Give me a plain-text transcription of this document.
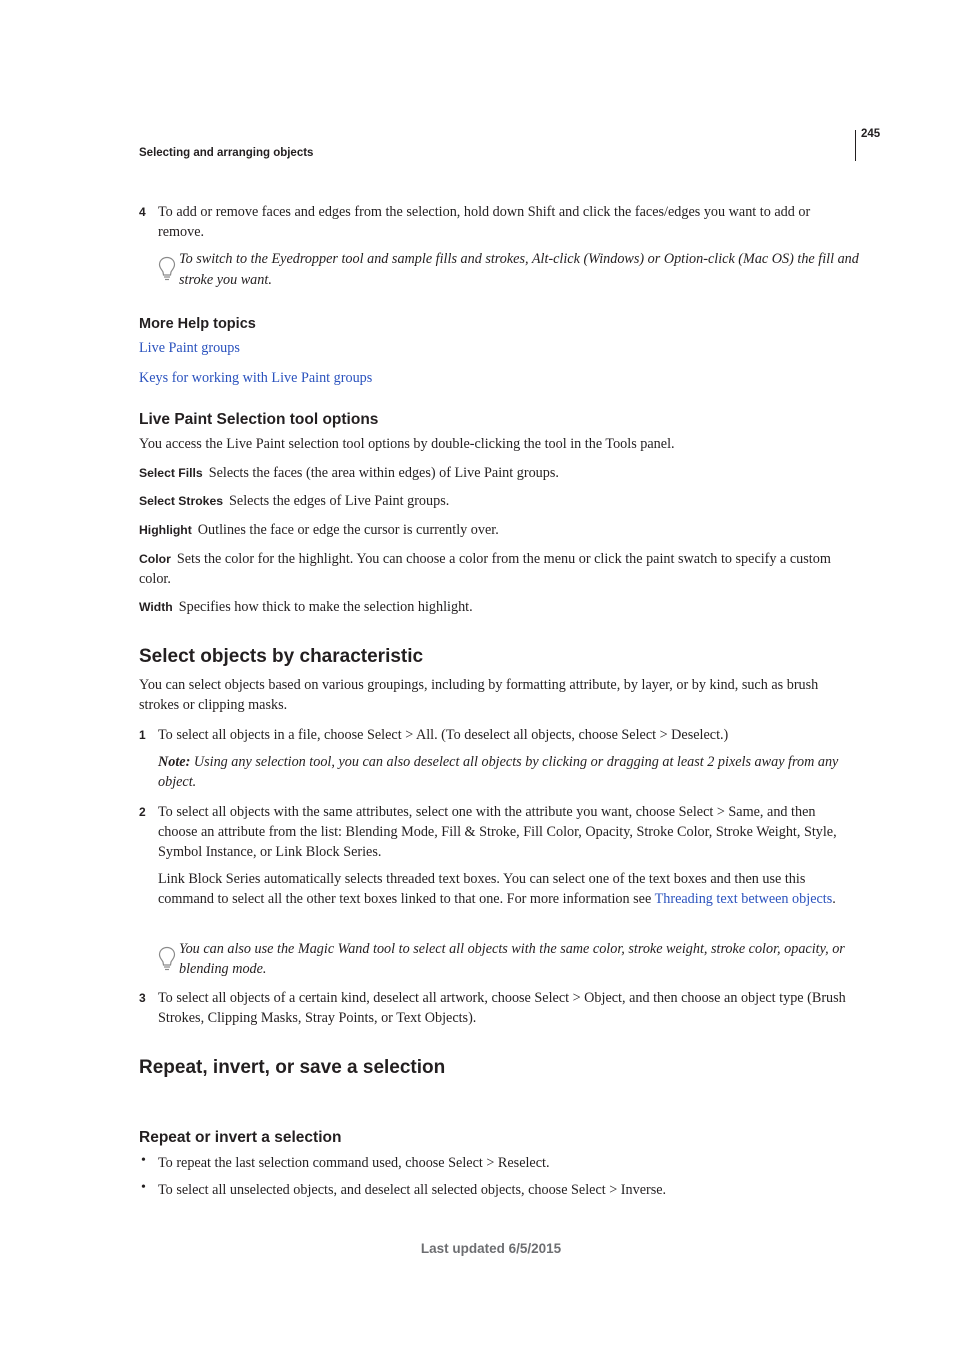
245
Selecting and arranging objects
4 To add or remove faces and edges from the selection, hold down Shift and click the faces/edges you want to add or remove.
To switch to the Eyedropper tool and sample fills and strokes, Alt-click (Windows) or Option-click (Mac OS) the fill and stroke you want.
More Help topics
Live Paint groups
Keys for working with Live Paint groups
Live Paint Selection tool options
You access the Live Paint selection tool options by double-clicking the tool in the Tools panel.
Select Fills Selects the faces (the area within edges) of Live Paint groups.
Select Strokes Selects the edges of Live Paint groups.
Highlight Outlines the face or edge the cursor is currently over.
Color Sets the color for the highlight. You can choose a color from the menu or click the paint swatch to specify a custom color.
Width Specifies how thick to make the selection highlight.
Select objects by characteristic
You can select objects based on various groupings, including by formatting attribute, by layer, or by kind, such as brush strokes or clipping masks.
1 To select all objects in a file, choose Select > All. (To deselect all objects, choose Select > Deselect.)
Note: Using any selection tool, you can also deselect all objects by clicking or dragging at least 2 pixels away from any object.
2 To select all objects with the same attributes, select one with the attribute you want, choose Select > Same, and then choose an attribute from the list: Blending Mode, Fill & Stroke, Fill Color, Opacity, Stroke Color, Stroke Weight, Style, Symbol Instance, or Link Block Series.
Link Block Series automatically selects threaded text boxes. You can select one of the text boxes and then use this command to select all the other text boxes linked to that one. For more information see Threading text between objects.
You can also use the Magic Wand tool to select all objects with the same color, stroke weight, stroke color, opacity, or blending mode.
3 To select all objects of a certain kind, deselect all artwork, choose Select > Object, and then choose an object type (Brush Strokes, Clipping Masks, Stray Points, or Text Objects).
Repeat, invert, or save a selection
Repeat or invert a selection
• To repeat the last selection command used, choose Select > Reselect.
• To select all unselected objects, and deselect all selected objects, choose Select > Inverse.
Last updated 6/5/2015
